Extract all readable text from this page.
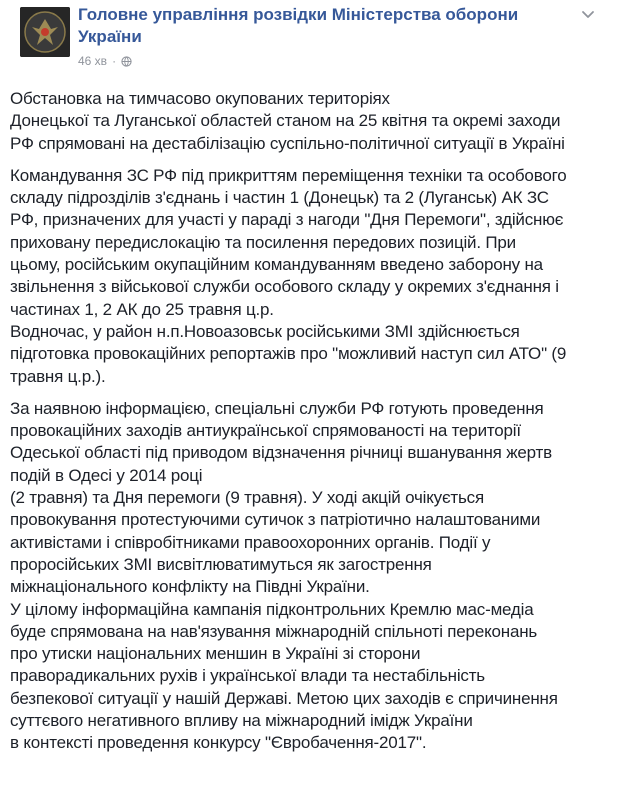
Головне управління розвідки Міністерства оборони
України
46 хв ·

Обстановка на тимчасово окупованих територіях
Донецької та Луганської областей станом на 25 квітня та окремі заходи
РФ спрямовані на дестабілізацію суспільно-політичної ситуації в Україні

Командування ЗС РФ під прикриттям переміщення техніки та особового
складу підрозділів з'єднань і частин 1 (Донецьк) та 2 (Луганськ) АК ЗС
РФ, призначених для участі у параді з нагоди "Дня Перемоги", здійснює
приховану передислокацію та посилення передових позицій. При
цьому, російським окупаційним командуванням введено заборону на
звільнення з військової служби особового складу у окремих з'єднання і
частинах 1, 2 АК до 25 травня ц.р.
Водночас, у район н.п.Новоазовськ російськими ЗМІ здійснюється
підготовка провокаційних репортажів про "можливий наступ сил АТО" (9
травня ц.р.).

За наявною інформацією, спеціальні служби РФ готують проведення
провокаційних заходів антиукраїнської спрямованості на території
Одеської області під приводом відзначення річниці вшанування жертв
подій в Одесі у 2014 році
(2 травня) та Дня перемоги (9 травня). У ході акцій очікується
провокування протестуючими сутичок з патріотично налаштованими
активістами і співробітниками правоохоронних органів. Події у
проросійських ЗМІ висвітлюватимуться як загострення
міжнаціонального конфлікту на Півдні України.
У цілому інформаційна кампанія підконтрольних Кремлю мас-медіа
буде спрямована на нав'язування міжнародній спільноті переконань
про утиски національних меншин в Україні зі сторони
праворадикальних рухів і української влади та нестабільність
безпекової ситуації у нашій Державі. Метою цих заходів є спричинення
суттєвого негативного впливу на міжнародний імідж України
в контексті проведення конкурсу "Євробачення-2017".
